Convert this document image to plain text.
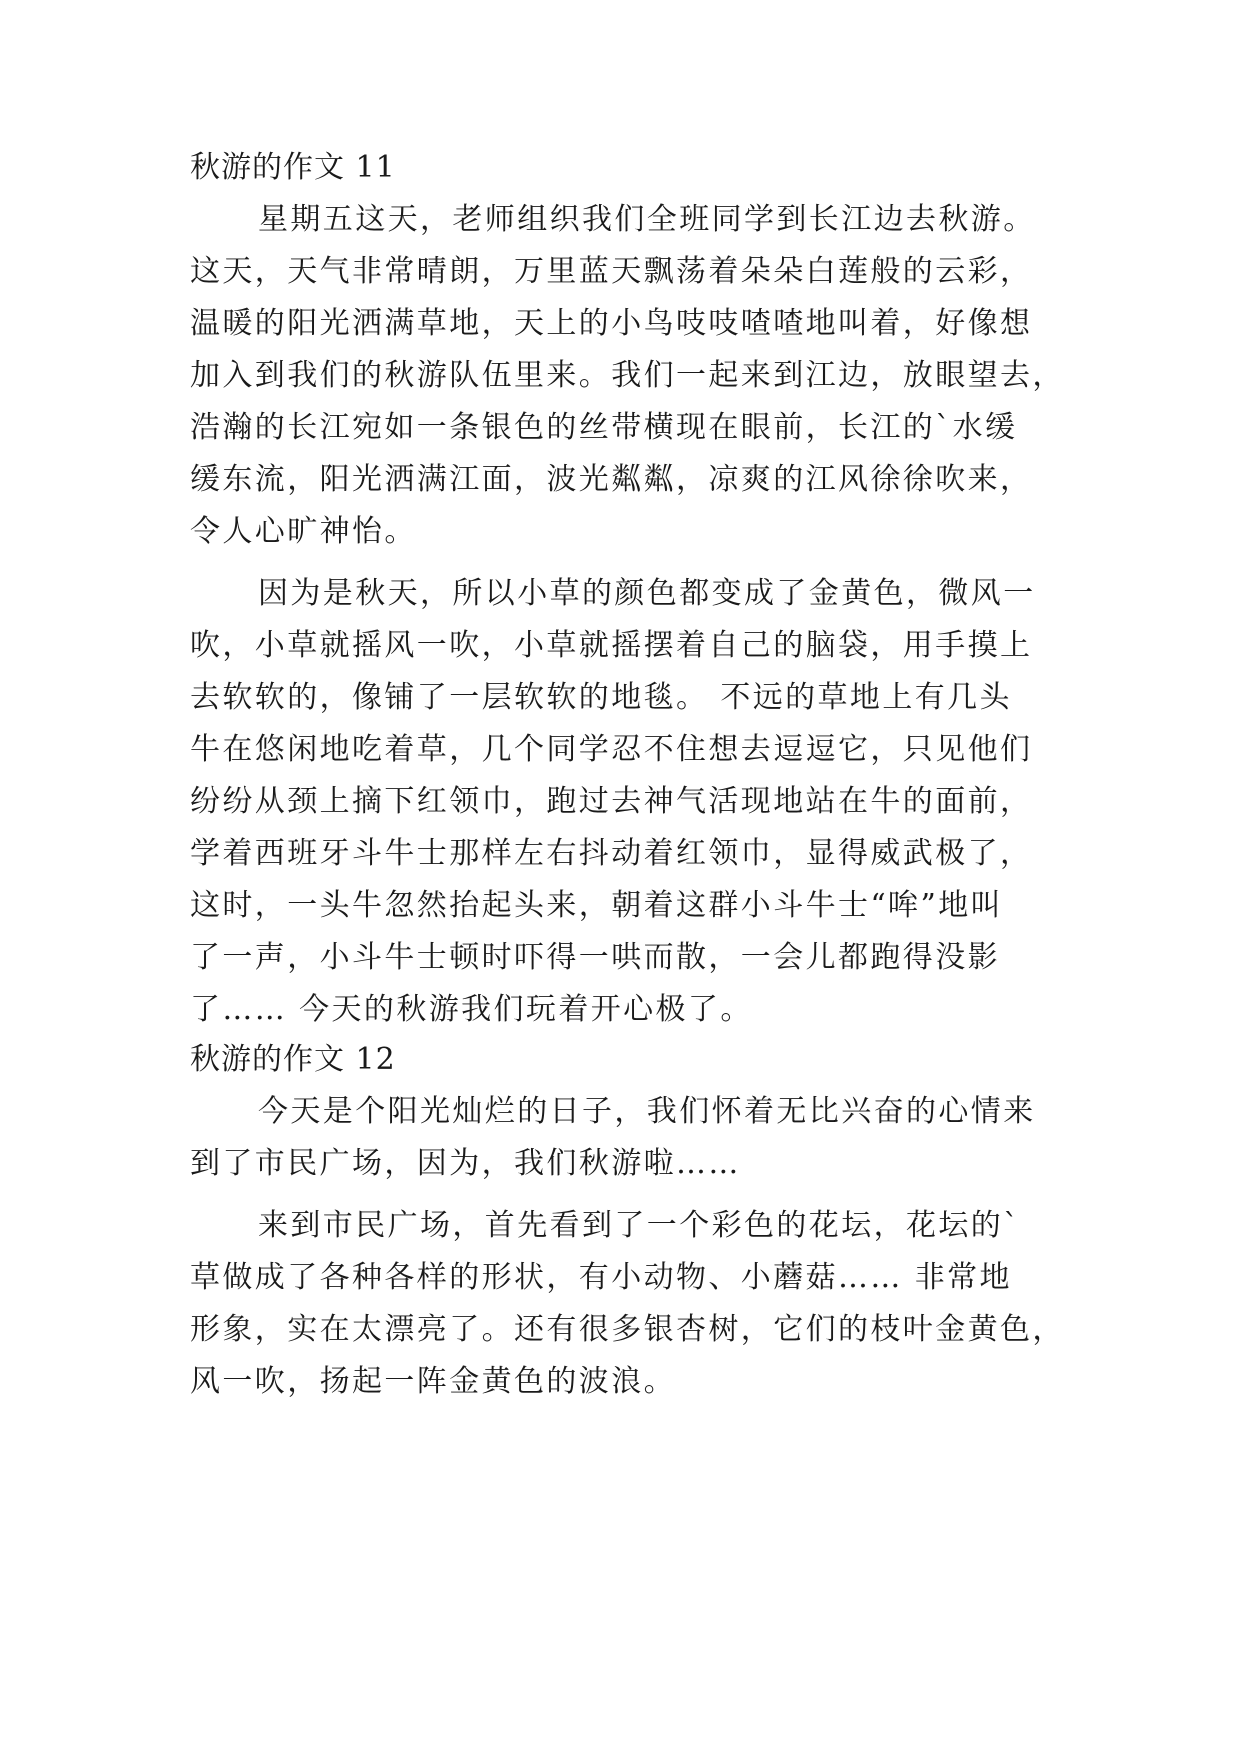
秋游的作文 11
星期五这天，老师组织我们全班同学到长江边去秋游。
这天，天气非常晴朗，万里蓝天飘荡着朵朵白莲般的云彩，
温暖的阳光洒满草地，天上的小鸟吱吱喳喳地叫着，好像想
加入到我们的秋游队伍里来。我们一起来到江边，放眼望去，
浩瀚的长江宛如一条银色的丝带横现在眼前，长江的`水缓
缓东流，阳光洒满江面，波光粼粼，凉爽的江风徐徐吹来，
令人心旷神怡。
因为是秋天，所以小草的颜色都变成了金黄色，微风一
吹，小草就摇风一吹，小草就摇摆着自己的脑袋，用手摸上
去软软的，像铺了一层软软的地毯。 不远的草地上有几头
牛在悠闲地吃着草，几个同学忍不住想去逗逗它，只见他们
纷纷从颈上摘下红领巾，跑过去神气活现地站在牛的面前，
学着西班牙斗牛士那样左右抖动着红领巾，显得威武极了，
这时，一头牛忽然抬起头来，朝着这群小斗牛士“哞”地叫
了一声，小斗牛士顿时吓得一哄而散，一会儿都跑得没影
了…… 今天的秋游我们玩着开心极了。
秋游的作文 12
今天是个阳光灿烂的日子，我们怀着无比兴奋的心情来
到了市民广场，因为，我们秋游啦……
来到市民广场，首先看到了一个彩色的花坛，花坛的`
草做成了各种各样的形状，有小动物、小蘑菇…… 非常地
形象，实在太漂亮了。还有很多银杏树，它们的枝叶金黄色，
风一吹，扬起一阵金黄色的波浪。
